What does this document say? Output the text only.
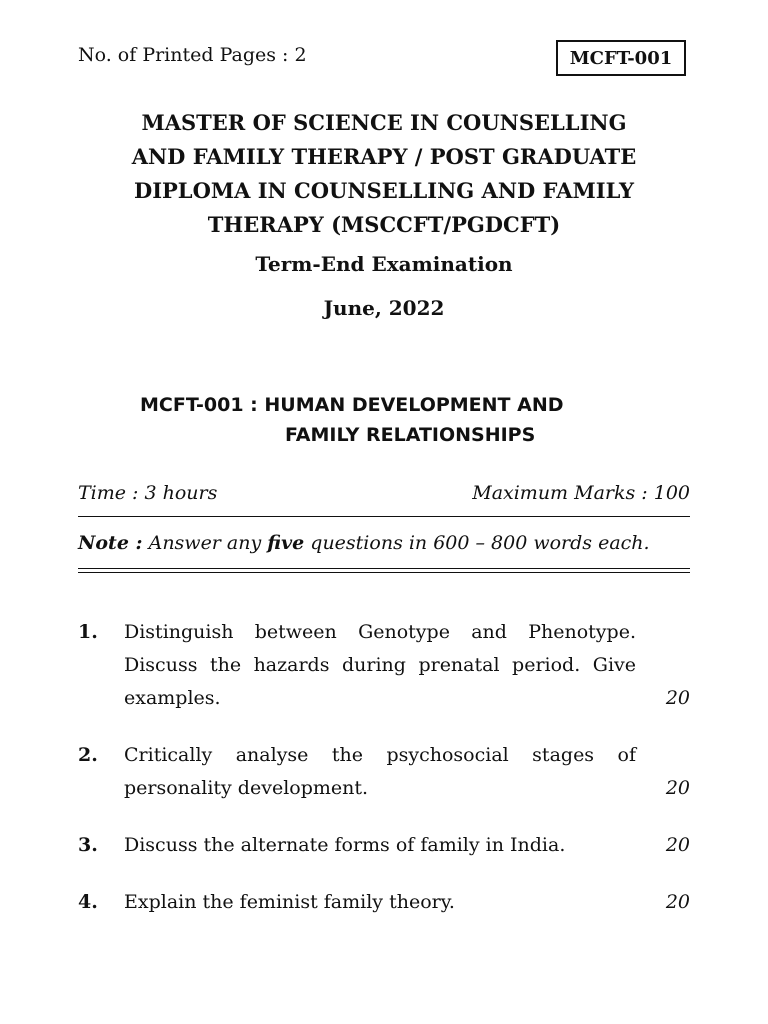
No. of Printed Pages : 2	MCFT-001
MASTER OF SCIENCE IN COUNSELLING
AND FAMILY THERAPY / POST GRADUATE
DIPLOMA IN COUNSELLING AND FAMILY
THERAPY (MSCCFT/PGDCFT)
Term-End Examination
June, 2022
MCFT-001 : HUMAN DEVELOPMENT AND
FAMILY RELATIONSHIPS
Time : 3 hours	Maximum Marks : 100
Note : Answer any five questions in 600 – 800 words each.
1.	Distinguish between Genotype and Phenotype. Discuss the hazards during prenatal period. Give examples.	20
2.	Critically analyse the psychosocial stages of personality development.	20
3.	Discuss the alternate forms of family in India.	20
4.	Explain the feminist family theory.	20
